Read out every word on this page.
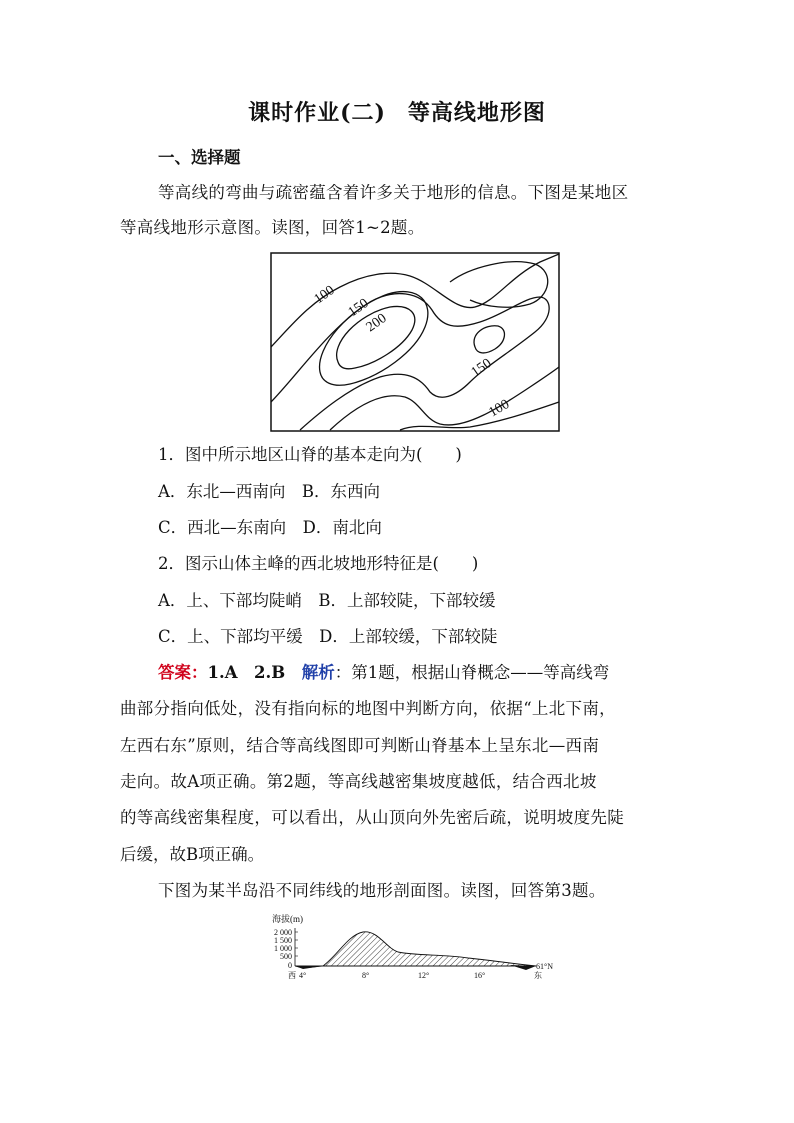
课时作业(二) 等高线地形图
一、选择题
等高线的弯曲与疏密蕴含着许多关于地形的信息。下图是某地区
等高线地形示意图。读图，回答1~2题。
100
150
200
150
100
1．图中所示地区山脊的基本走向为(　　)
A．东北—西南向　B．东西向
C．西北—东南向　D．南北向
2．图示山体主峰的西北坡地形特征是(　　)
A．上、下部均陡峭　B．上部较陡，下部较缓
C．上、下部均平缓　D．上部较缓，下部较陡
答案：1.A　2.B　解析：第1题，根据山脊概念——等高线弯
曲部分指向低处，没有指向标的地图中判断方向，依据“上北下南，
左西右东”原则，结合等高线图即可判断山脊基本上呈东北—西南
走向。故A项正确。第2题，等高线越密集坡度越低，结合西北坡
的等高线密集程度，可以看出，从山顶向外先密后疏，说明坡度先陡
后缓，故B项正确。
下图为某半岛沿不同纬线的地形剖面图。读图，回答第3题。
海拔(m)
2 000
1 500
1 000
500
0	61°N
西 4°	8°	12°	16°	东
